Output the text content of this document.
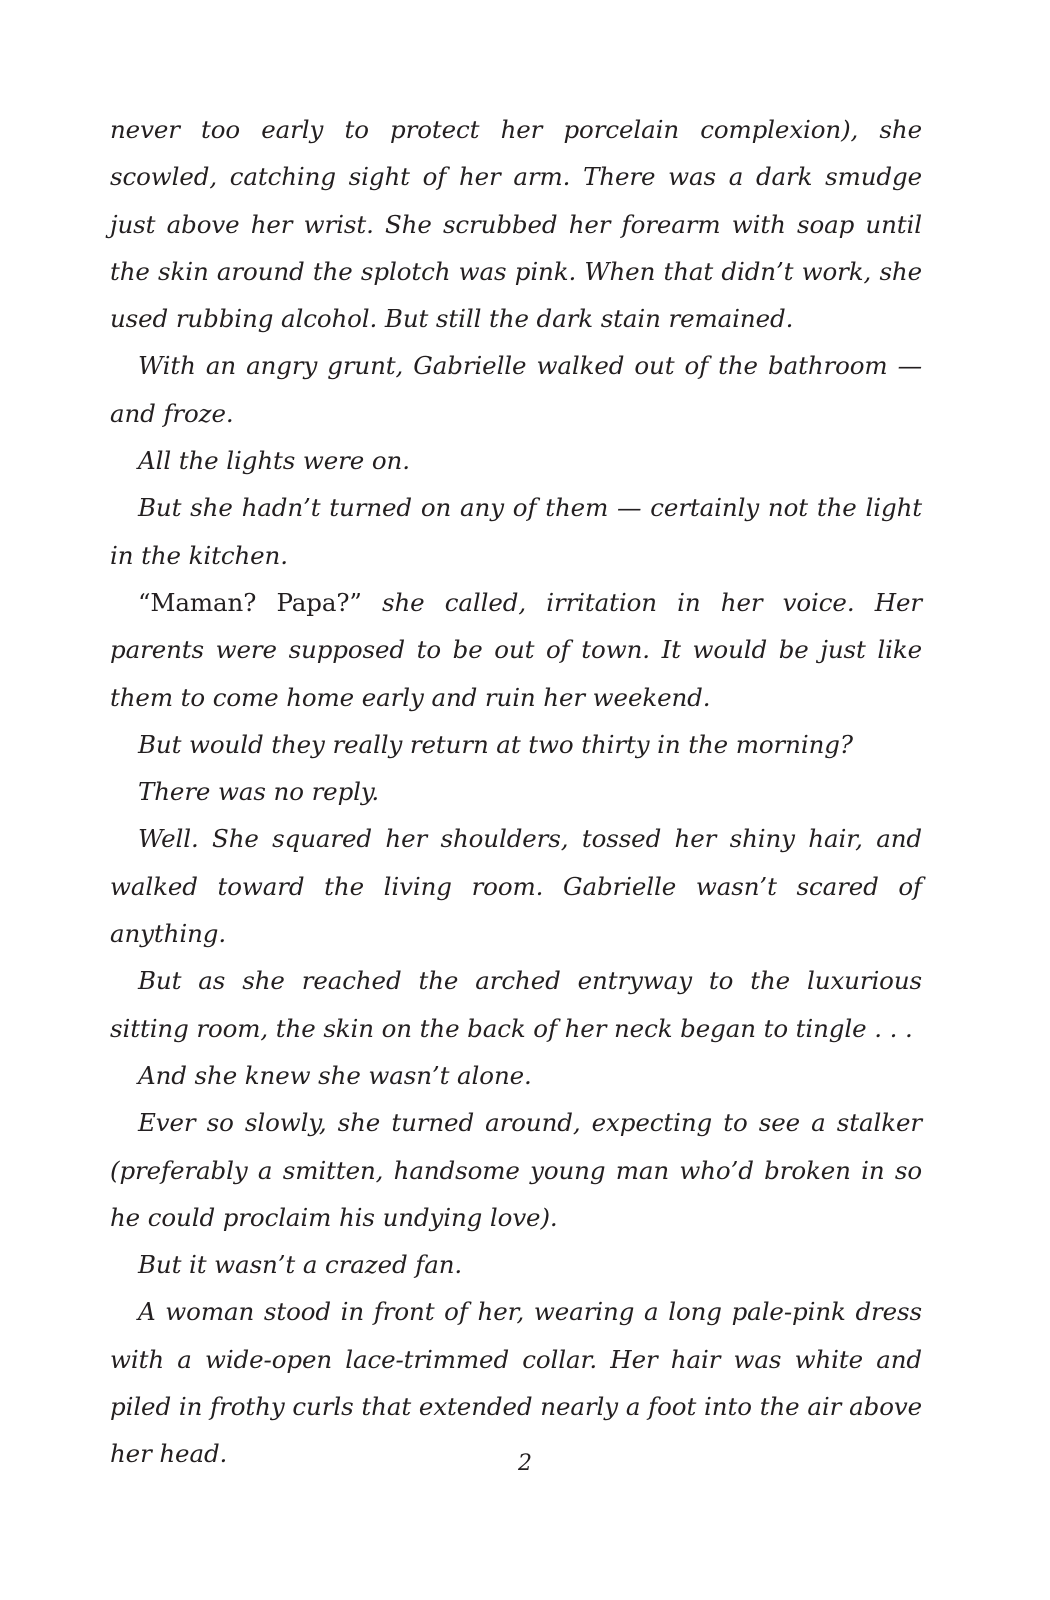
never too early to protect her porcelain complexion), she scowled, catching sight of her arm. There was a dark smudge just above her wrist. She scrubbed her forearm with soap until the skin around the splotch was pink. When that didn’t work, she used rubbing alcohol. But still the dark stain remained.

With an angry grunt, Gabrielle walked out of the bathroom — and froze.

All the lights were on.

But she hadn’t turned on any of them — certainly not the light in the kitchen.

“Maman? Papa?” she called, irritation in her voice. Her parents were supposed to be out of town. It would be just like them to come home early and ruin her weekend.

But would they really return at two thirty in the morning?

There was no reply.

Well. She squared her shoulders, tossed her shiny hair, and walked toward the living room. Gabrielle wasn’t scared of anything.

But as she reached the arched entryway to the luxurious sitting room, the skin on the back of her neck began to tingle . . .

And she knew she wasn’t alone.

Ever so slowly, she turned around, expecting to see a stalker (preferably a smitten, handsome young man who’d broken in so he could proclaim his undying love).

But it wasn’t a crazed fan.

A woman stood in front of her, wearing a long pale-pink dress with a wide-open lace-trimmed collar. Her hair was white and piled in frothy curls that extended nearly a foot into the air above her head.	2
